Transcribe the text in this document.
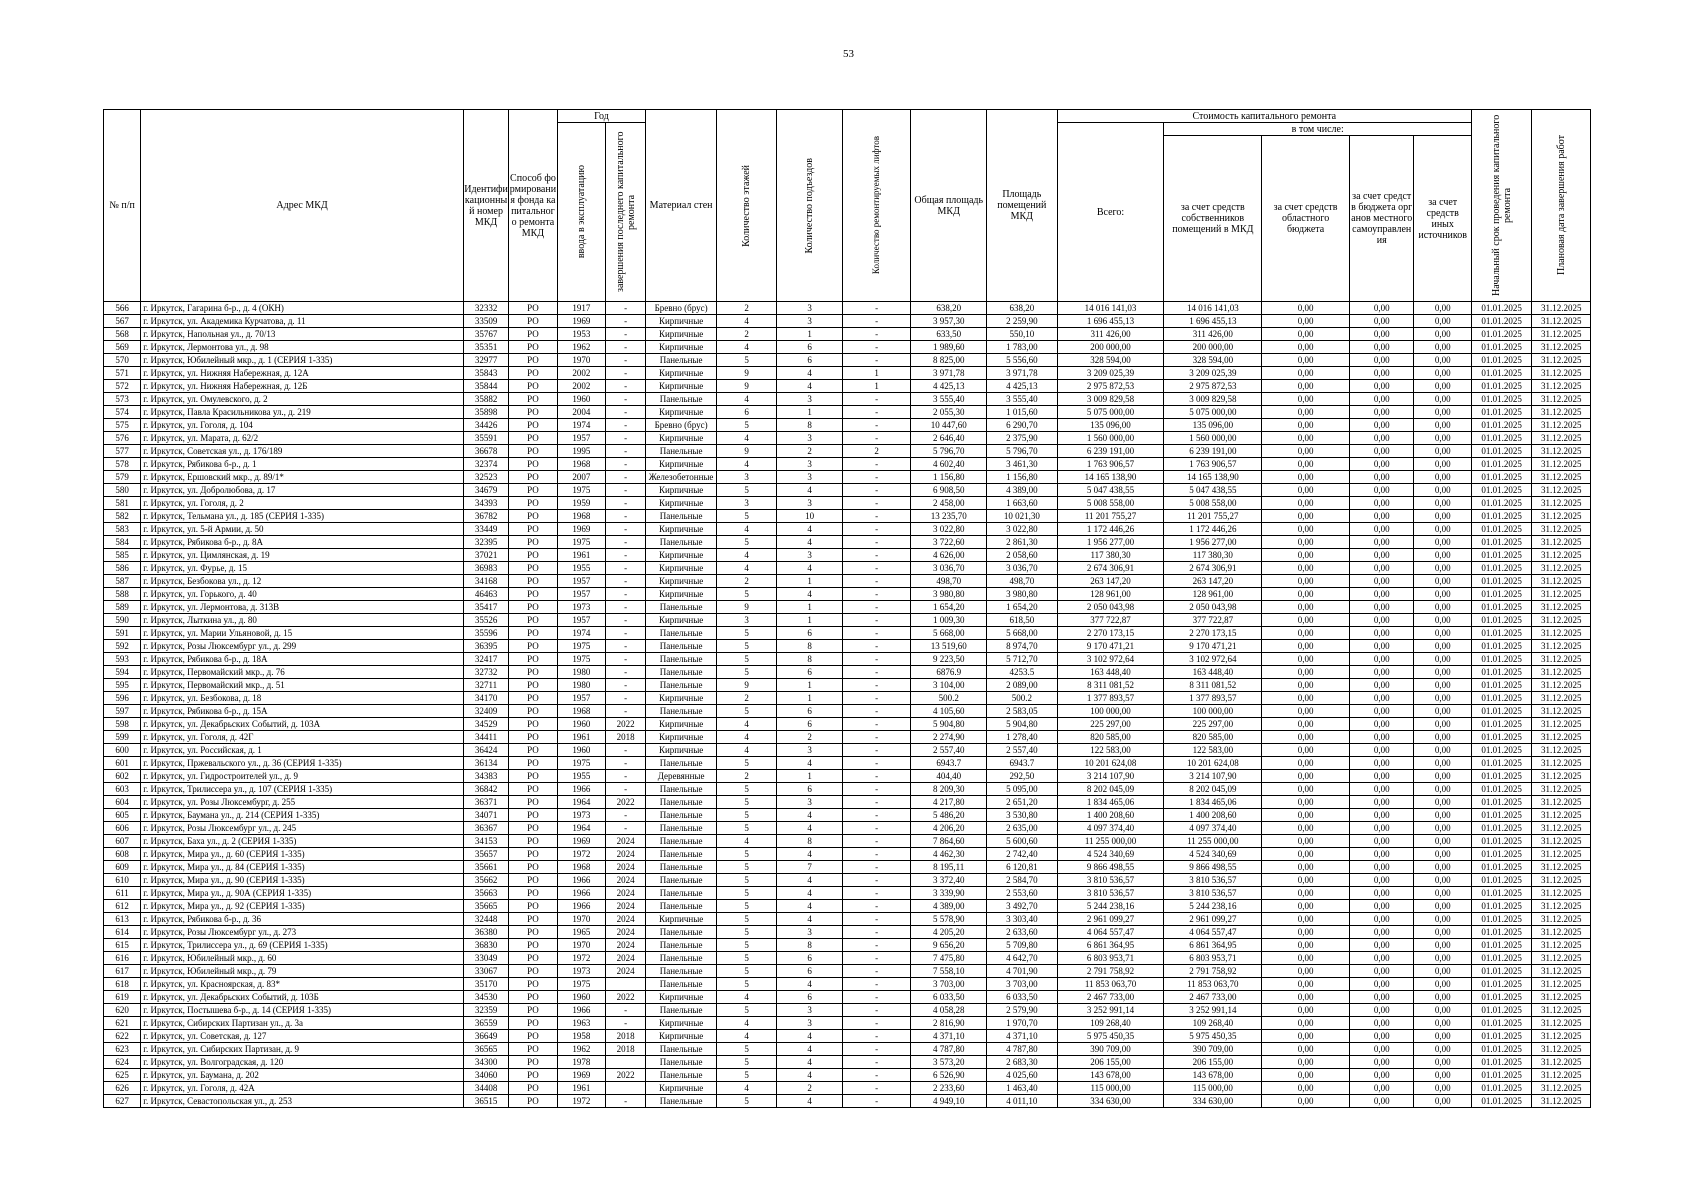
53
№ п/п	Адрес МКД	Идентификационный номер МКД	Способ формирования фонда капитального ремонта МКД	Год		Материал стен	Количество этажей	Количество подъездов	Количество ремонтируемых лифтов	Общая площадь МКД	Площадь помещений МКД	Стоимость капитального ремонта					Начальный срок проведения капитального ремонта	Плановая дата завершения работ

				ввода в эксплуатацию	завершения последнего капитального ремонта							Всего:	в том числе:					
													за счет средств собственников помещений в МКД	за счет средств областного бюджета	за счет средств бюджета органов местного самоуправления	за счет средств иных источников		
566	г. Иркутск, Гагарина б-р., д. 4 (ОКН)	32332	РО	1917	-	Бревно (брус)	2	3	-	638,20	638,20	14 016 141,03	14 016 141,03	0,00	0,00	0,00	01.01.2025	31.12.2025
567	г. Иркутск, ул. Академика Курчатова, д. 11	33509	РО	1969	-	Кирпичные	4	3	-	3 957,30	2 259,90	1 696 455,13	1 696 455,13	0,00	0,00	0,00	01.01.2025	31.12.2025
568	г. Иркутск, Напольная ул., д. 70/13	35767	РО	1953	-	Кирпичные	2	1	-	633,50	550,10	311 426,00	311 426,00	0,00	0,00	0,00	01.01.2025	31.12.2025
569	г. Иркутск, Лермонтова ул., д. 98	35351	РО	1962	-	Кирпичные	4	6	-	1 989,60	1 783,00	200 000,00	200 000,00	0,00	0,00	0,00	01.01.2025	31.12.2025
570	г. Иркутск, Юбилейный мкр., д. 1 (СЕРИЯ 1-335)	32977	РО	1970	-	Панельные	5	6	-	8 825,00	5 556,60	328 594,00	328 594,00	0,00	0,00	0,00	01.01.2025	31.12.2025
571	г. Иркутск, ул. Нижняя Набережная, д. 12А	35843	РО	2002	-	Кирпичные	9	4	1	3 971,78	3 971,78	3 209 025,39	3 209 025,39	0,00	0,00	0,00	01.01.2025	31.12.2025
572	г. Иркутск, ул. Нижняя Набережная, д. 12Б	35844	РО	2002	-	Кирпичные	9	4	1	4 425,13	4 425,13	2 975 872,53	2 975 872,53	0,00	0,00	0,00	01.01.2025	31.12.2025
573	г. Иркутск, ул. Омулевского, д. 2	35882	РО	1960	-	Панельные	4	3	-	3 555,40	3 555,40	3 009 829,58	3 009 829,58	0,00	0,00	0,00	01.01.2025	31.12.2025
574	г. Иркутск, Павла Красильникова ул., д. 219	35898	РО	2004	-	Кирпичные	6	1	-	2 055,30	1 015,60	5 075 000,00	5 075 000,00	0,00	0,00	0,00	01.01.2025	31.12.2025
575	г. Иркутск, ул. Гоголя, д. 104	34426	РО	1974	-	Бревно (брус)	5	8	-	10 447,60	6 290,70	135 096,00	135 096,00	0,00	0,00	0,00	01.01.2025	31.12.2025
576	г. Иркутск, ул. Марата, д. 62/2	35591	РО	1957	-	Кирпичные	4	3	-	2 646,40	2 375,90	1 560 000,00	1 560 000,00	0,00	0,00	0,00	01.01.2025	31.12.2025
577	г. Иркутск, Советская ул., д. 176/189	36678	РО	1995	-	Панельные	9	2	2	5 796,70	5 796,70	6 239 191,00	6 239 191,00	0,00	0,00	0,00	01.01.2025	31.12.2025
578	г. Иркутск, Рябикова б-р., д. 1	32374	РО	1968	-	Кирпичные	4	3	-	4 602,40	3 461,30	1 763 906,57	1 763 906,57	0,00	0,00	0,00	01.01.2025	31.12.2025
579	г. Иркутск, Ершовский мкр., д. 89/1*	32523	РО	2007	-	Железобетонные	3	3	-	1 156,80	1 156,80	14 165 138,90	14 165 138,90	0,00	0,00	0,00	01.01.2025	31.12.2025
580	г. Иркутск, ул. Добролюбова, д. 17	34679	РО	1975	-	Кирпичные	5	4	-	6 908,50	4 389,00	5 047 438,55	5 047 438,55	0,00	0,00	0,00	01.01.2025	31.12.2025
581	г. Иркутск, ул. Гоголя, д. 2	34393	РО	1959	-	Кирпичные	3	3	-	2 458,00	1 663,60	5 008 558,00	5 008 558,00	0,00	0,00	0,00	01.01.2025	31.12.2025
582	г. Иркутск, Тельмана ул., д. 185 (СЕРИЯ 1-335)	36782	РО	1968	-	Панельные	5	10	-	13 235,70	10 021,30	11 201 755,27	11 201 755,27	0,00	0,00	0,00	01.01.2025	31.12.2025
583	г. Иркутск, ул. 5-й Армии, д. 50	33449	РО	1969	-	Кирпичные	4	4	-	3 022,80	3 022,80	1 172 446,26	1 172 446,26	0,00	0,00	0,00	01.01.2025	31.12.2025
584	г. Иркутск, Рябикова б-р., д. 8А	32395	РО	1975	-	Панельные	5	4	-	3 722,60	2 861,30	1 956 277,00	1 956 277,00	0,00	0,00	0,00	01.01.2025	31.12.2025
585	г. Иркутск, ул. Цимлянская, д. 19	37021	РО	1961	-	Кирпичные	4	3	-	4 626,00	2 058,60	117 380,30	117 380,30	0,00	0,00	0,00	01.01.2025	31.12.2025
586	г. Иркутск, ул. Фурье, д. 15	36983	РО	1955	-	Кирпичные	4	4	-	3 036,70	3 036,70	2 674 306,91	2 674 306,91	0,00	0,00	0,00	01.01.2025	31.12.2025
587	г. Иркутск, Безбокова ул., д. 12	34168	РО	1957	-	Кирпичные	2	1	-	498,70	498,70	263 147,20	263 147,20	0,00	0,00	0,00	01.01.2025	31.12.2025
588	г. Иркутск, ул. Горького, д. 40	46463	РО	1957	-	Кирпичные	5	4	-	3 980,80	3 980,80	128 961,00	128 961,00	0,00	0,00	0,00	01.01.2025	31.12.2025
589	г. Иркутск, ул. Лермонтова, д. 313В	35417	РО	1973	-	Панельные	9	1	-	1 654,20	1 654,20	2 050 043,98	2 050 043,98	0,00	0,00	0,00	01.01.2025	31.12.2025
590	г. Иркутск, Лыткина ул., д. 80	35526	РО	1957	-	Кирпичные	3	1	-	1 009,30	618,50	377 722,87	377 722,87	0,00	0,00	0,00	01.01.2025	31.12.2025
591	г. Иркутск, ул. Марии Ульяновой, д. 15	35596	РО	1974	-	Панельные	5	6	-	5 668,00	5 668,00	2 270 173,15	2 270 173,15	0,00	0,00	0,00	01.01.2025	31.12.2025
592	г. Иркутск, Розы Люксембург ул., д. 299	36395	РО	1975	-	Панельные	5	8	-	13 519,60	8 974,70	9 170 471,21	9 170 471,21	0,00	0,00	0,00	01.01.2025	31.12.2025
593	г. Иркутск, Рябикова б-р., д. 18А	32417	РО	1975	-	Панельные	5	8	-	9 223,50	5 712,70	3 102 972,64	3 102 972,64	0,00	0,00	0,00	01.01.2025	31.12.2025
594	г. Иркутск, Первомайский мкр., д. 76	32732	РО	1980	-	Панельные	5	6	-	6876.9	4253.5	163 448,40	163 448,40	0,00	0,00	0,00	01.01.2025	31.12.2025
595	г. Иркутск, Первомайский мкр., д. 51	32711	РО	1980	-	Панельные	9	1	-	3 104,00	2 089,00	8 311 081,52	8 311 081,52	0,00	0,00	0,00	01.01.2025	31.12.2025
596	г. Иркутск, ул. Безбокова, д. 18	34170	РО	1957	-	Кирпичные	2	1	-	500.2	500.2	1 377 893,57	1 377 893,57	0,00	0,00	0,00	01.01.2025	31.12.2025
597	г. Иркутск, Рябикова б-р., д. 15А	32409	РО	1968	-	Панельные	5	6	-	4 105,60	2 583,05	100 000,00	100 000,00	0,00	0,00	0,00	01.01.2025	31.12.2025
598	г. Иркутск, ул. Декабрьских Событий, д. 103А	34529	РО	1960	2022	Кирпичные	4	6	-	5 904,80	5 904,80	225 297,00	225 297,00	0,00	0,00	0,00	01.01.2025	31.12.2025
599	г. Иркутск, ул. Гоголя, д. 42Г	34411	РО	1961	2018	Кирпичные	4	2	-	2 274,90	1 278,40	820 585,00	820 585,00	0,00	0,00	0,00	01.01.2025	31.12.2025
600	г. Иркутск, ул. Российская, д. 1	36424	РО	1960	-	Кирпичные	4	3	-	2 557,40	2 557,40	122 583,00	122 583,00	0,00	0,00	0,00	01.01.2025	31.12.2025
601	г. Иркутск, Пржевальского ул., д. 36 (СЕРИЯ 1-335)	36134	РО	1975	-	Панельные	5	4	-	6943.7	6943.7	10 201 624,08	10 201 624,08	0,00	0,00	0,00	01.01.2025	31.12.2025
602	г. Иркутск, ул. Гидростроителей ул., д. 9	34383	РО	1955	-	Деревянные	2	1	-	404,40	292,50	3 214 107,90	3 214 107,90	0,00	0,00	0,00	01.01.2025	31.12.2025
603	г. Иркутск, Трилиссера ул., д. 107 (СЕРИЯ 1-335)	36842	РО	1966	-	Панельные	5	6	-	8 209,30	5 095,00	8 202 045,09	8 202 045,09	0,00	0,00	0,00	01.01.2025	31.12.2025
604	г. Иркутск, ул. Розы Люксембург, д. 255	36371	РО	1964	2022	Панельные	5	3	-	4 217,80	2 651,20	1 834 465,06	1 834 465,06	0,00	0,00	0,00	01.01.2025	31.12.2025
605	г. Иркутск, Баумана ул., д. 214 (СЕРИЯ 1-335)	34071	РО	1973	-	Панельные	5	4	-	5 486,20	3 530,80	1 400 208,60	1 400 208,60	0,00	0,00	0,00	01.01.2025	31.12.2025
606	г. Иркутск, Розы Люксембург ул., д. 245	36367	РО	1964	-	Панельные	5	4	-	4 206,20	2 635,00	4 097 374,40	4 097 374,40	0,00	0,00	0,00	01.01.2025	31.12.2025
607	г. Иркутск, Баха ул., д. 2 (СЕРИЯ 1-335)	34153	РО	1969	2024	Панельные	4	8	-	7 864,60	5 600,60	11 255 000,00	11 255 000,00	0,00	0,00	0,00	01.01.2025	31.12.2025
608	г. Иркутск, Мира ул., д. 60 (СЕРИЯ 1-335)	35657	РО	1972	2024	Панельные	5	4	-	4 462,30	2 742,40	4 524 340,69	4 524 340,69	0,00	0,00	0,00	01.01.2025	31.12.2025
609	г. Иркутск, Мира ул., д. 84 (СЕРИЯ 1-335)	35661	РО	1968	2024	Панельные	5	7	-	8 195,11	6 120,81	9 866 498,55	9 866 498,55	0,00	0,00	0,00	01.01.2025	31.12.2025
610	г. Иркутск, Мира ул., д. 90 (СЕРИЯ 1-335)	35662	РО	1966	2024	Панельные	5	4	-	3 372,40	2 584,70	3 810 536,57	3 810 536,57	0,00	0,00	0,00	01.01.2025	31.12.2025
611	г. Иркутск, Мира ул., д. 90А (СЕРИЯ 1-335)	35663	РО	1966	2024	Панельные	5	4	-	3 339,90	2 553,60	3 810 536,57	3 810 536,57	0,00	0,00	0,00	01.01.2025	31.12.2025
612	г. Иркутск, Мира ул., д. 92 (СЕРИЯ 1-335)	35665	РО	1966	2024	Панельные	5	4	-	4 389,00	3 492,70	5 244 238,16	5 244 238,16	0,00	0,00	0,00	01.01.2025	31.12.2025
613	г. Иркутск, Рябикова б-р., д. 36	32448	РО	1970	2024	Кирпичные	5	4	-	5 578,90	3 303,40	2 961 099,27	2 961 099,27	0,00	0,00	0,00	01.01.2025	31.12.2025
614	г. Иркутск, Розы Люксембург ул., д. 273	36380	РО	1965	2024	Панельные	5	3	-	4 205,20	2 633,60	4 064 557,47	4 064 557,47	0,00	0,00	0,00	01.01.2025	31.12.2025
615	г. Иркутск, Трилиссера ул., д. 69 (СЕРИЯ 1-335)	36830	РО	1970	2024	Панельные	5	8	-	9 656,20	5 709,80	6 861 364,95	6 861 364,95	0,00	0,00	0,00	01.01.2025	31.12.2025
616	г. Иркутск, Юбилейный мкр., д. 60	33049	РО	1972	2024	Панельные	5	6	-	7 475,80	4 642,70	6 803 953,71	6 803 953,71	0,00	0,00	0,00	01.01.2025	31.12.2025
617	г. Иркутск, Юбилейный мкр., д. 79	33067	РО	1973	2024	Панельные	5	6	-	7 558,10	4 701,90	2 791 758,92	2 791 758,92	0,00	0,00	0,00	01.01.2025	31.12.2025
618	г. Иркутск, ул. Красноярская, д. 83*	35170	РО	1975		Панельные	5	4	-	3 703,00	3 703,00	11 853 063,70	11 853 063,70	0,00	0,00	0,00	01.01.2025	31.12.2025
619	г. Иркутск, ул. Декабрьских Событий, д. 103Б	34530	РО	1960	2022	Кирпичные	4	6	-	6 033,50	6 033,50	2 467 733,00	2 467 733,00	0,00	0,00	0,00	01.01.2025	31.12.2025
620	г. Иркутск, Постышева б-р., д. 14 (СЕРИЯ 1-335)	32359	РО	1966	-	Панельные	5	3	-	4 058,28	2 579,90	3 252 991,14	3 252 991,14	0,00	0,00	0,00	01.01.2025	31.12.2025
621	г. Иркутск, Сибирских Партизан ул., д. 3а	36559	РО	1963	-	Кирпичные	4	3	-	2 816,90	1 970,70	109 268,40	109 268,40	0,00	0,00	0,00	01.01.2025	31.12.2025
622	г. Иркутск, ул. Советская, д. 127	36649	РО	1958	2018	Кирпичные	4	4	-	4 371,10	4 371,10	5 975 450,35	5 975 450,35	0,00	0,00	0,00	01.01.2025	31.12.2025
623	г. Иркутск, ул. Сибирских Партизан, д. 9	36565	РО	1962	2018	Панельные	5	4	-	4 787,80	4 787,80	390 709,00	390 709,00	0,00	0,00	0,00	01.01.2025	31.12.2025
624	г. Иркутск, ул. Волгоградская, д. 120	34300	РО	1978		Панельные	5	4	-	3 573,20	2 683,30	206 155,00	206 155,00	0,00	0,00	0,00	01.01.2025	31.12.2025
625	г. Иркутск, ул. Баумана, д. 202	34060	РО	1969	2022	Панельные	5	4	-	6 526,90	4 025,60	143 678,00	143 678,00	0,00	0,00	0,00	01.01.2025	31.12.2025
626	г. Иркутск, ул. Гоголя, д. 42А	34408	РО	1961		Кирпичные	4	2	-	2 233,60	1 463,40	115 000,00	115 000,00	0,00	0,00	0,00	01.01.2025	31.12.2025
627	г. Иркутск, Севастопольская ул., д. 253	36515	РО	1972	-	Панельные	5	4	-	4 949,10	4 011,10	334 630,00	334 630,00	0,00	0,00	0,00	01.01.2025	31.12.2025
